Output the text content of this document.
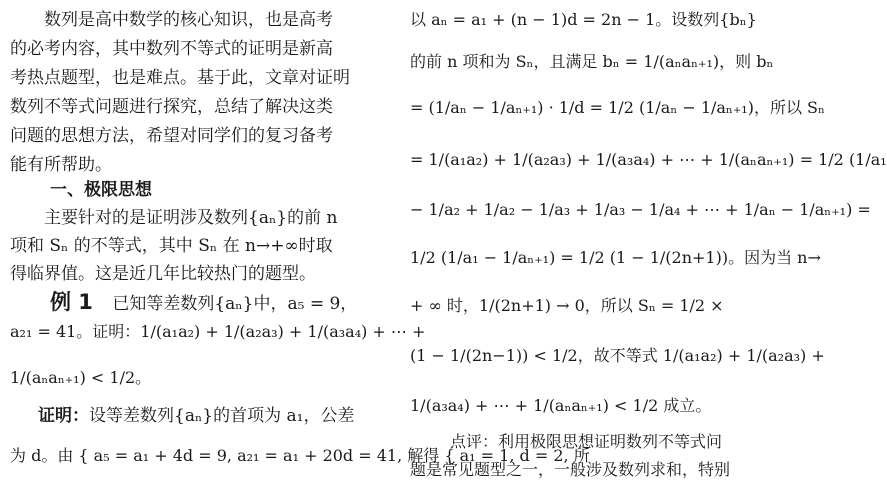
数列是高中数学的核心知识，也是高考
的必考内容，其中数列不等式的证明是新高
考热点题型，也是难点。基于此，文章对证明
数列不等式问题进行探究，总结了解决这类
问题的思想方法，希望对同学们的复习备考
能有所帮助。
一、极限思想
主要针对的是证明涉及数列{aₙ}的前 n
项和 Sₙ 的不等式，其中 Sₙ 在 n→+∞时取
得临界值。这是近几年比较热门的题型。
例 1 已知等差数列{aₙ}中，a₅ = 9，
a₂₁ = 41。证明：1/(a₁a₂) + 1/(a₂a₃) + 1/(a₃a₄) + ⋯ +
1/(aₙaₙ₊₁) < 1/2。
证明：设等差数列{aₙ}的首项为 a₁，公差
为 d。由 { a₅ = a₁ + 4d = 9, a₂₁ = a₁ + 20d = 41, 解得 { a₁ = 1, d = 2, 所
以 aₙ = a₁ + (n − 1)d = 2n − 1。设数列{bₙ}
的前 n 项和为 Sₙ，且满足 bₙ = 1/(aₙaₙ₊₁)，则 bₙ
= (1/aₙ − 1/aₙ₊₁) · 1/d = 1/2 (1/aₙ − 1/aₙ₊₁)，所以 Sₙ
= 1/(a₁a₂) + 1/(a₂a₃) + 1/(a₃a₄) + ⋯ + 1/(aₙaₙ₊₁) = 1/2 (1/a₁
− 1/a₂ + 1/a₂ − 1/a₃ + 1/a₃ − 1/a₄ + ⋯ + 1/aₙ − 1/aₙ₊₁) =
1/2 (1/a₁ − 1/aₙ₊₁) = 1/2 (1 − 1/(2n+1))。因为当 n→
+ ∞ 时，1/(2n+1) → 0，所以 Sₙ = 1/2 ×
(1 − 1/(2n−1)) < 1/2，故不等式 1/(a₁a₂) + 1/(a₂a₃) +
1/(a₃a₄) + ⋯ + 1/(aₙaₙ₊₁) < 1/2 成立。
点评：利用极限思想证明数列不等式问
题是常见题型之一，一般涉及数列求和，特别
